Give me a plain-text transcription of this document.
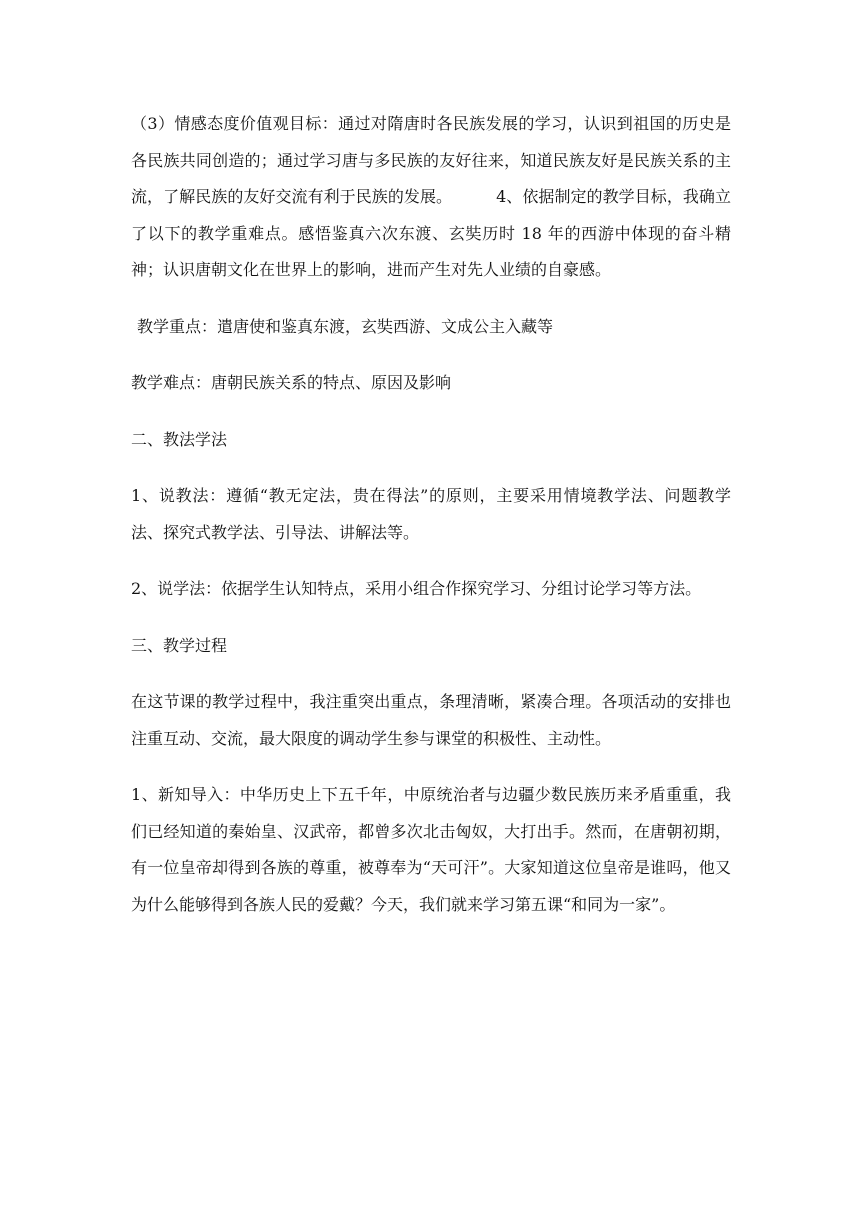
（3）情感态度价值观目标：通过对隋唐时各民族发展的学习，认识到祖国的历史是各民族共同创造的；通过学习唐与多民族的友好往来，知道民族友好是民族关系的主流，了解民族的友好交流有利于民族的发展。	4、依据制定的教学目标，我确立了以下的教学重难点。感悟鉴真六次东渡、玄奘历时 18 年的西游中体现的奋斗精神；认识唐朝文化在世界上的影响，进而产生对先人业绩的自豪感。

教学重点：遣唐使和鉴真东渡，玄奘西游、文成公主入藏等

教学难点：唐朝民族关系的特点、原因及影响

二、教法学法

1、说教法：遵循“教无定法，贵在得法”的原则，主要采用情境教学法、问题教学法、探究式教学法、引导法、讲解法等。

2、说学法：依据学生认知特点，采用小组合作探究学习、分组讨论学习等方法。

三、教学过程

在这节课的教学过程中，我注重突出重点，条理清晰，紧凑合理。各项活动的安排也注重互动、交流，最大限度的调动学生参与课堂的积极性、主动性。

1、新知导入：中华历史上下五千年，中原统治者与边疆少数民族历来矛盾重重，我们已经知道的秦始皇、汉武帝，都曾多次北击匈奴，大打出手。然而，在唐朝初期，有一位皇帝却得到各族的尊重，被尊奉为“天可汗”。大家知道这位皇帝是谁吗，他又为什么能够得到各族人民的爱戴？今天，我们就来学习第五课“和同为一家”。
